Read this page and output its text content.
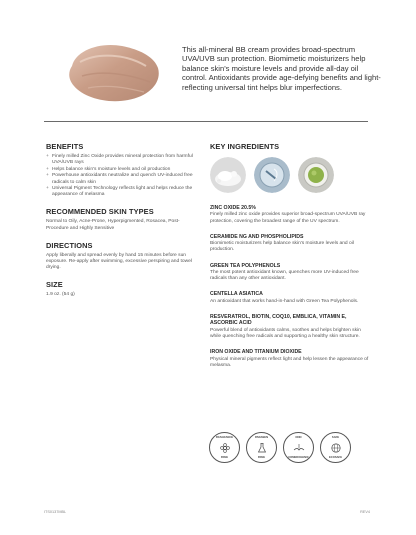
This all-mineral BB cream provides broad-spectrum UVA/UVB sun protection. Biomimetic moisturizers help balance skin's moisture levels and provide all-day oil control. Antioxidants provide age-defying benefits and light-reflecting universal tint helps blur imperfections.

BENEFITS
+ Finely milled Zinc Oxide provides mineral protection from harmful UVA/UVB rays
+ Helps balance skin's moisture levels and oil production
+ Powerhouse antioxidants neutralize and quench UV-induced free radicals to calm skin
+ Universal Pigment Technology reflects light and helps reduce the appearance of melasma
RECOMMENDED SKIN TYPES

Normal to Oily, Acne-Prone, Hyperpigmented, Rosacea, Post-Procedure and Highly Sensitive

DIRECTIONS

Apply liberally and spread evenly by hand 15 minutes before sun exposure. Re-apply after swimming, excessive perspiring and towel drying.

SIZE

1.9 oz. (54 g)

KEY INGREDIENTS
ZINC OXIDE 20.5%

Finely milled zinc oxide provides superior broad-spectrum UVA/UVB ray protection, covering the broadest range of the UV spectrum.

CERAMIDE NG AND PHOSPHOLIPIDS

Biomimetic moisturizers help balance skin's moisture levels and oil production.

GREEN TEA POLYPHENOLS

The most potent antioxidant known, quenches more UV-induced free radicals than any other antioxidant.

CENTELLA ASIATICA

An antioxidant that works hand-in-hand with Green Tea Polyphenols.

RESVERATROL, BIOTIN, COQ10, EMBLICA, VITAMIN E, ASCORBIC ACID

Powerful blend of antioxidants calms, soothes and helps brighten skin while quenching free radicals and supporting a healthy skin structure.

IRON OXIDE AND TITANIUM DIOXIDE

Physical mineral pigments reflect light and help lessen the appearance of melasma.

FRAGRANCE
FREE
PARABEN
FREE
NON
COMEDOGENIC
SAFE
ECOSAFE
ITS0137MBL	REV4
